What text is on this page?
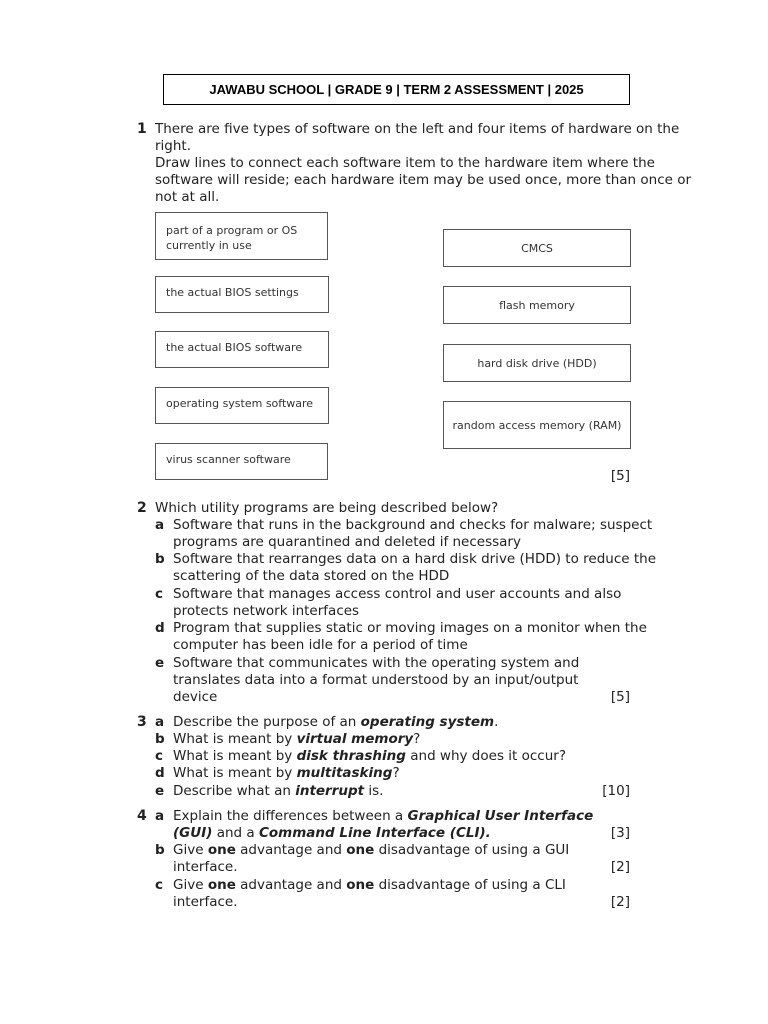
JAWABU SCHOOL | GRADE 9 | TERM 2 ASSESSMENT | 2025
1 There are five types of software on the left and four items of hardware on the
right.
Draw lines to connect each software item to the hardware item where the
software will reside; each hardware item may be used once, more than once or
not at all.
part of a program or OS
currently in use
the actual BIOS settings
the actual BIOS software
operating system software
virus scanner software
CMCS
flash memory
hard disk drive (HDD)
random access memory (RAM)
[5]
2 Which utility programs are being described below?
a Software that runs in the background and checks for malware; suspect
programs are quarantined and deleted if necessary
b Software that rearranges data on a hard disk drive (HDD) to reduce the
scattering of the data stored on the HDD
c Software that manages access control and user accounts and also
protects network interfaces
d Program that supplies static or moving images on a monitor when the
computer has been idle for a period of time
e Software that communicates with the operating system and
translates data into a format understood by an input/output
device	[5]
3 a Describe the purpose of an operating system.
b What is meant by virtual memory?
c What is meant by disk thrashing and why does it occur?
d What is meant by multitasking?
e Describe what an interrupt is.	[10]
4 a Explain the differences between a Graphical User Interface
(GUI) and a Command Line Interface (CLI).	[3]
b Give one advantage and one disadvantage of using a GUI
interface.	[2]
c Give one advantage and one disadvantage of using a CLI
interface.	[2]
